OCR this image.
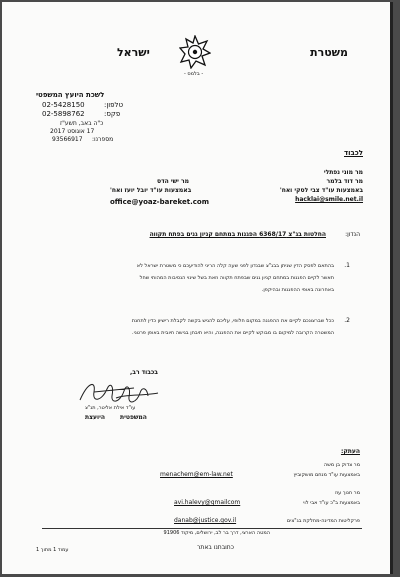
משטרת
ישראל
- בלמס -
לשכת היועץ המשפטי
טלפון:
02-5428150
פקס:
02-5898762
כ"ה באב, תשע"ז
17 אוגוסט 2017
מספרנו:
93566917
לכבוד
מר מוני נפתלי
מר דוד בלמר
באמצעות עו"ד צבי לסקי ואח'
hacklai@smile.net.il
מר ישי הדס
באמצעות עו"ד יובל יועז ואח'
office@yoaz-bareket.com
הנדון:
החלטות בג"צ 6368/17 הפגנות במתחם קניון גנים בפתח תקווה
1.
בהתאם לפסק הדין שניתן בבג"צ שבנדון לפני שעה קלה הריני להודיעכם כי משטרת ישראל לא
תאשר לקיים הפגנות במתחם קניון גנים שבפתח תקווה וזאת בשל שינוי הנסיבות המהותי שחל
באחרונה באופי ההפגנות ובהיקפן.
2.
ככל שברצונכם לקיים את ההפגנה במקום חלופי, עליכם להגיש בקשה לקבלת רישיון כדין לתחנת
המשטרה הקרובה למיקום בו מבוקש לקיים את ההפגנה, והיא תיבחן בגישה חיובית באופן פרטני.
בכבוד רב,
עו"ד אילת אליטר, תנ"צ
היועצת	המשפטית
העתק:
מר צדוק בן משה
באמצעות עו"ד מנחם מושקוביץ
menachem@em-law.net
מר חנוך עוז
באמצעות ב"כ עו"ד אבי לוי
avi.halevy@gmailcom
danab@justice.gov.il	פרקליטות המדינה-מחלקת בג"צים
המטה הארצי, דרך בר לב, ירושלים, מיקוד 91906
עמוד 1 מתוך 1	כתובתנו באתר
